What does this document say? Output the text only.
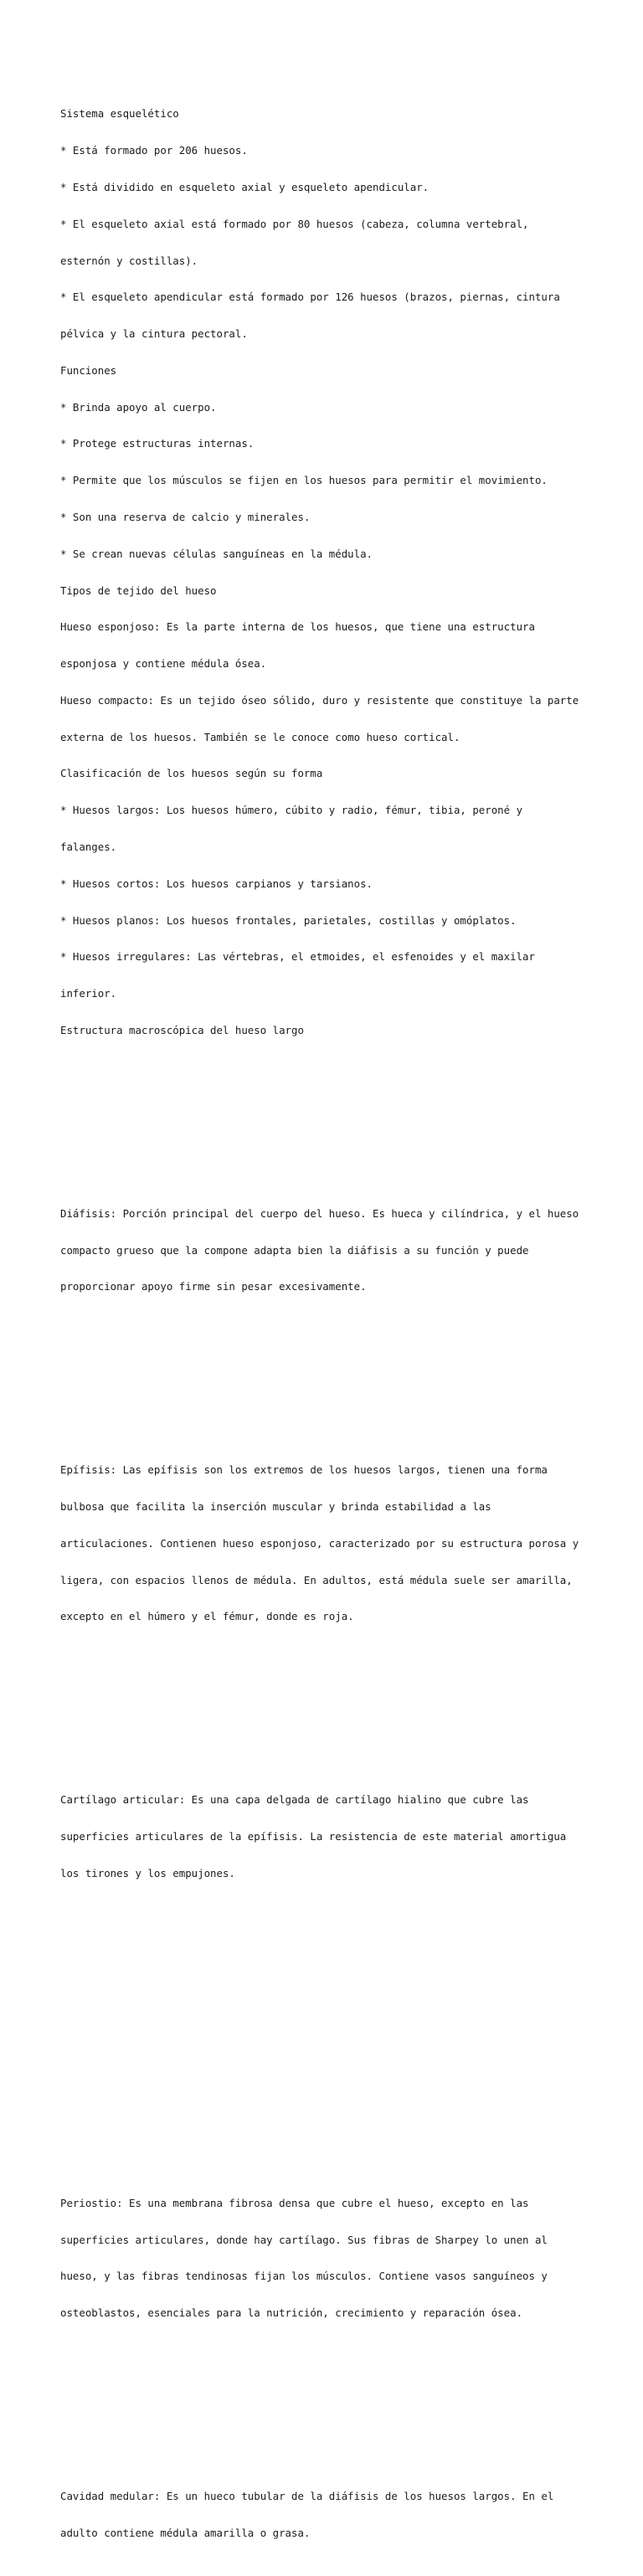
Sistema esquelético

* Está formado por 206 huesos.

* Está dividido en esqueleto axial y esqueleto apendicular.

* El esqueleto axial está formado por 80 huesos (cabeza, columna vertebral,

esternón y costillas).

* El esqueleto apendicular está formado por 126 huesos (brazos, piernas, cintura

pélvica y la cintura pectoral.

Funciones

* Brinda apoyo al cuerpo.

* Protege estructuras internas.

* Permite que los músculos se fijen en los huesos para permitir el movimiento.

* Son una reserva de calcio y minerales.

* Se crean nuevas células sanguíneas en la médula.

Tipos de tejido del hueso

Hueso esponjoso: Es la parte interna de los huesos, que tiene una estructura

esponjosa y contiene médula ósea.

Hueso compacto: Es un tejido óseo sólido, duro y resistente que constituye la parte

externa de los huesos. También se le conoce como hueso cortical.

Clasificación de los huesos según su forma

* Huesos largos: Los huesos húmero, cúbito y radio, fémur, tibia, peroné y

falanges.

* Huesos cortos: Los huesos carpianos y tarsianos.

* Huesos planos: Los huesos frontales, parietales, costillas y omóplatos.

* Huesos irregulares: Las vértebras, el etmoides, el esfenoides y el maxilar

inferior.

Estructura macroscópica del hueso largo

Diáfisis: Porción principal del cuerpo del hueso. Es hueca y cilíndrica, y el hueso

compacto grueso que la compone adapta bien la diáfisis a su función y puede

proporcionar apoyo firme sin pesar excesivamente.

Epífisis: Las epífisis son los extremos de los huesos largos, tienen una forma

bulbosa que facilita la inserción muscular y brinda estabilidad a las

articulaciones. Contienen hueso esponjoso, caracterizado por su estructura porosa y

ligera, con espacios llenos de médula. En adultos, está médula suele ser amarilla,

excepto en el húmero y el fémur, donde es roja.

Cartílago articular: Es una capa delgada de cartílago hialino que cubre las

superficies articulares de la epífisis. La resistencia de este material amortigua

los tirones y los empujones.

Periostio: Es una membrana fibrosa densa que cubre el hueso, excepto en las

superficies articulares, donde hay cartílago. Sus fibras de Sharpey lo unen al

hueso, y las fibras tendinosas fijan los músculos. Contiene vasos sanguíneos y

osteoblastos, esenciales para la nutrición, crecimiento y reparación ósea.

Cavidad medular: Es un hueco tubular de la diáfisis de los huesos largos. En el

adulto contiene médula amarilla o grasa.
